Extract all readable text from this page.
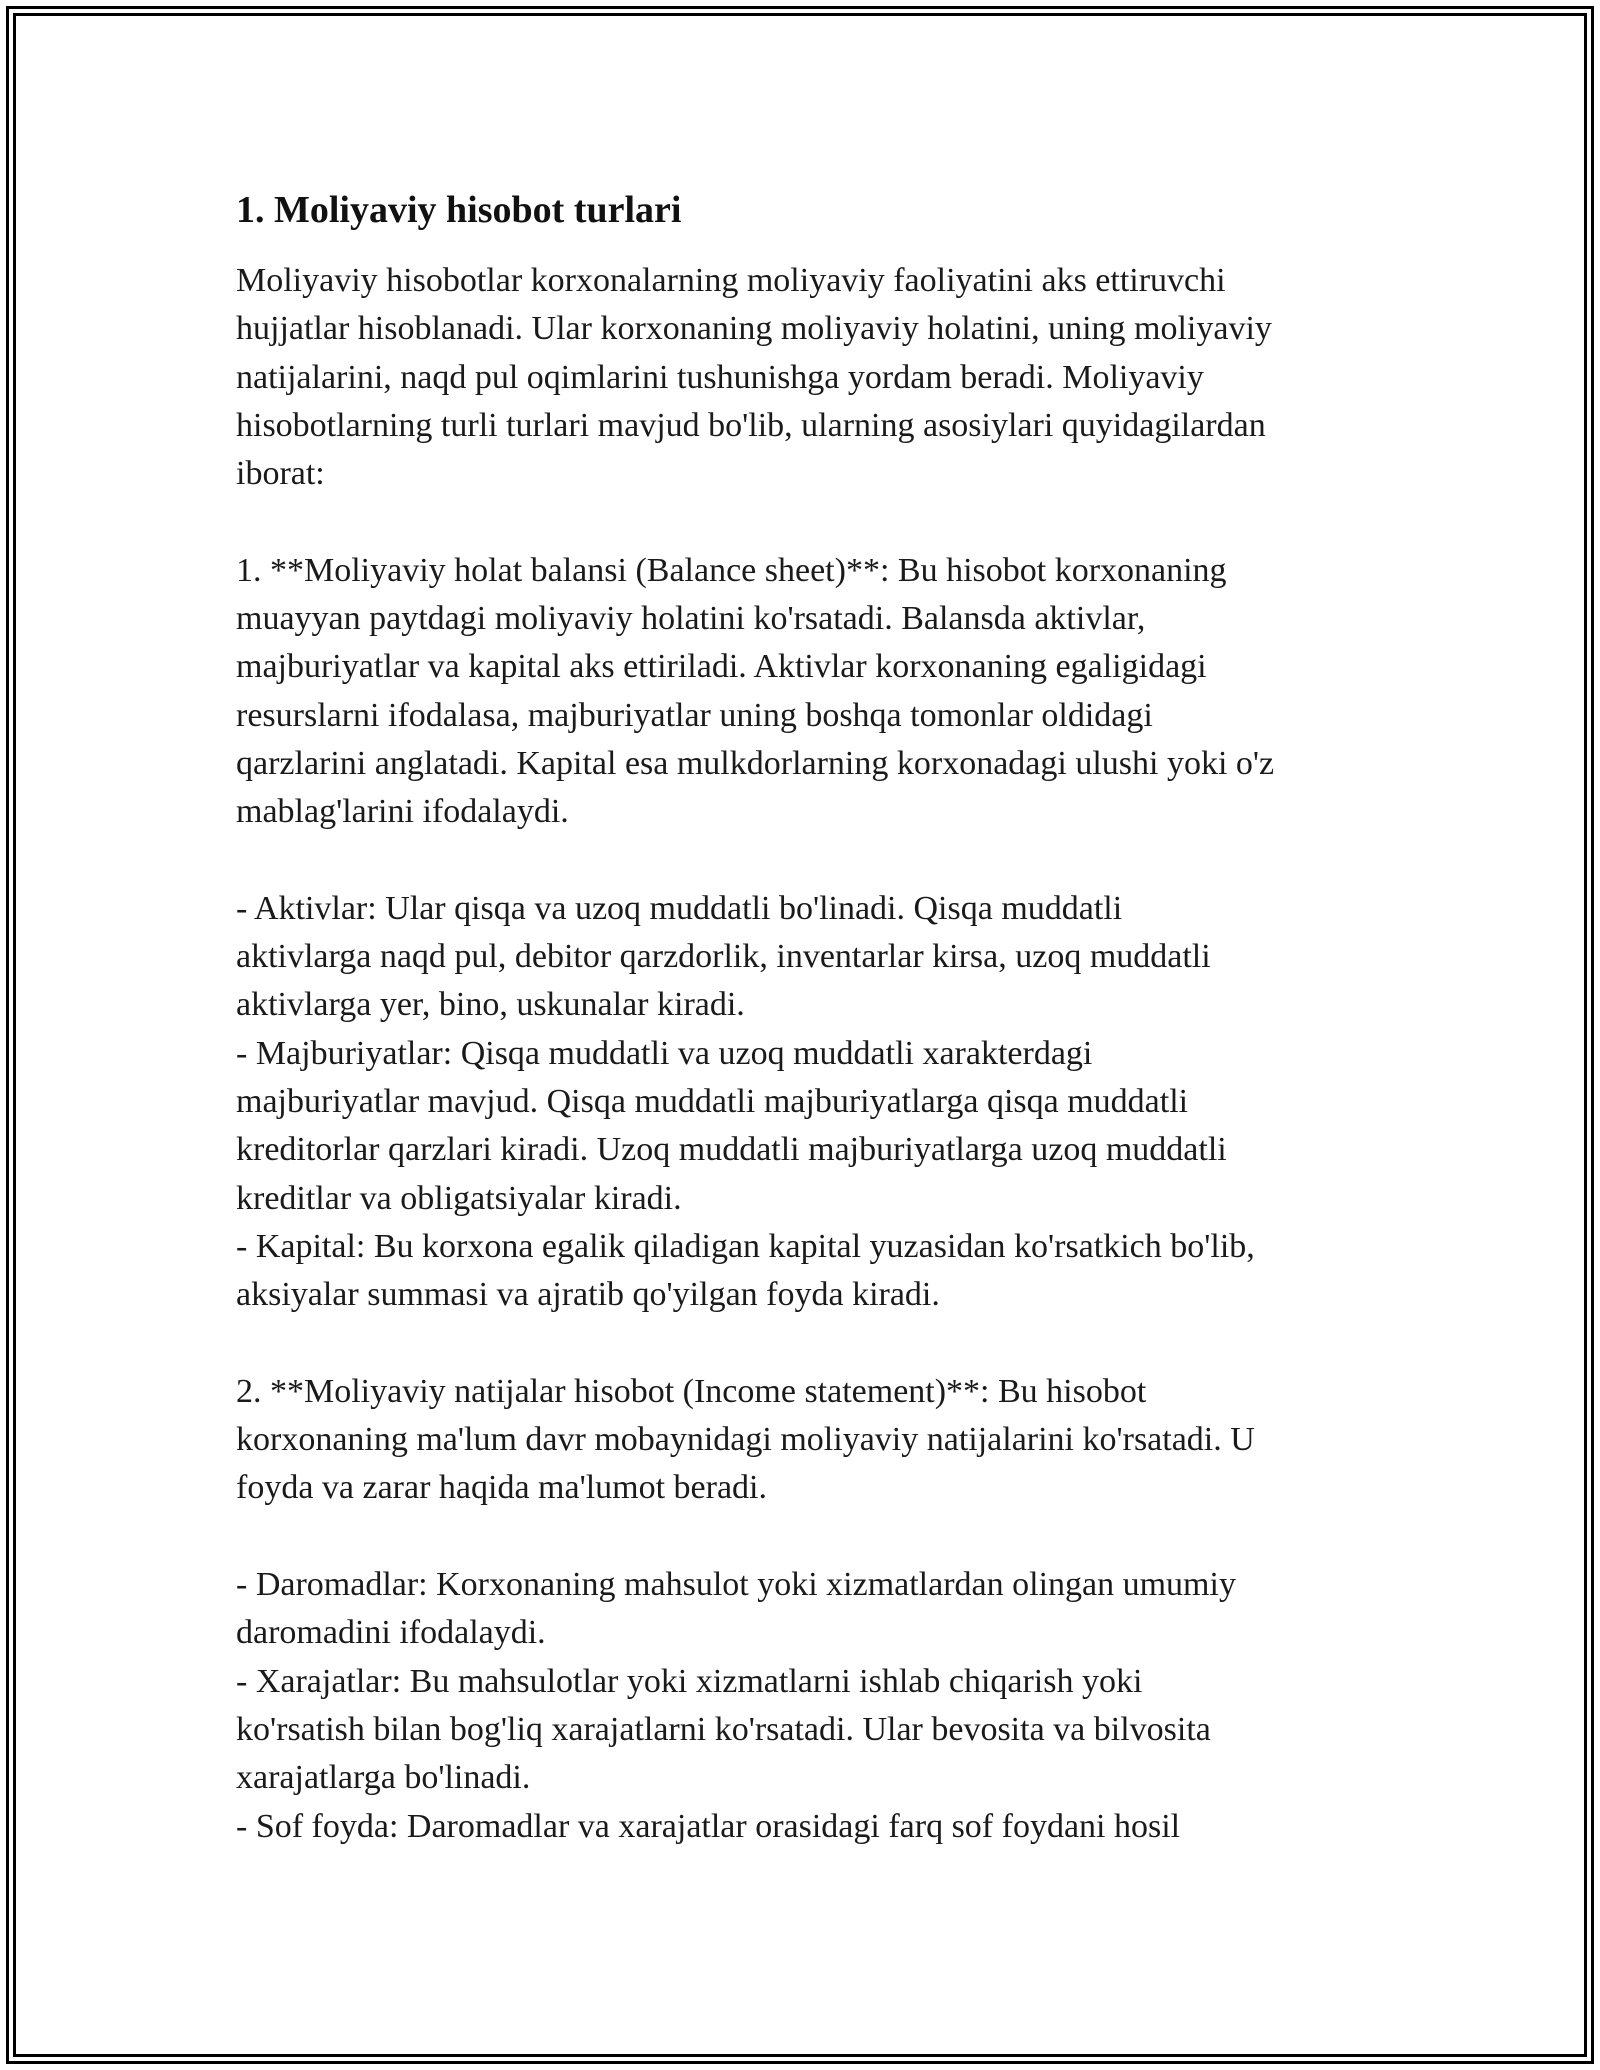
1. Moliyaviy hisobot turlari

Moliyaviy hisobotlar korxonalarning moliyaviy faoliyatini aks ettiruvchi
hujjatlar hisoblanadi. Ular korxonaning moliyaviy holatini, uning moliyaviy
natijalarini, naqd pul oqimlarini tushunishga yordam beradi. Moliyaviy
hisobotlarning turli turlari mavjud bo'lib, ularning asosiylari quyidagilardan
iborat:

1. **Moliyaviy holat balansi (Balance sheet)**: Bu hisobot korxonaning
muayyan paytdagi moliyaviy holatini ko'rsatadi. Balansda aktivlar,
majburiyatlar va kapital aks ettiriladi. Aktivlar korxonaning egaligidagi
resurslarni ifodalasa, majburiyatlar uning boshqa tomonlar oldidagi
qarzlarini anglatadi. Kapital esa mulkdorlarning korxonadagi ulushi yoki o'z
mablag'larini ifodalaydi.

- Aktivlar: Ular qisqa va uzoq muddatli bo'linadi. Qisqa muddatli
aktivlarga naqd pul, debitor qarzdorlik, inventarlar kirsa, uzoq muddatli
aktivlarga yer, bino, uskunalar kiradi.
- Majburiyatlar: Qisqa muddatli va uzoq muddatli xarakterdagi
majburiyatlar mavjud. Qisqa muddatli majburiyatlarga qisqa muddatli
kreditorlar qarzlari kiradi. Uzoq muddatli majburiyatlarga uzoq muddatli
kreditlar va obligatsiyalar kiradi.
- Kapital: Bu korxona egalik qiladigan kapital yuzasidan ko'rsatkich bo'lib,
aksiyalar summasi va ajratib qo'yilgan foyda kiradi.

2. **Moliyaviy natijalar hisobot (Income statement)**: Bu hisobot
korxonaning ma'lum davr mobaynidagi moliyaviy natijalarini ko'rsatadi. U
foyda va zarar haqida ma'lumot beradi.

- Daromadlar: Korxonaning mahsulot yoki xizmatlardan olingan umumiy
daromadini ifodalaydi.
- Xarajatlar: Bu mahsulotlar yoki xizmatlarni ishlab chiqarish yoki
ko'rsatish bilan bog'liq xarajatlarni ko'rsatadi. Ular bevosita va bilvosita
xarajatlarga bo'linadi.
- Sof foyda: Daromadlar va xarajatlar orasidagi farq sof foydani hosil
